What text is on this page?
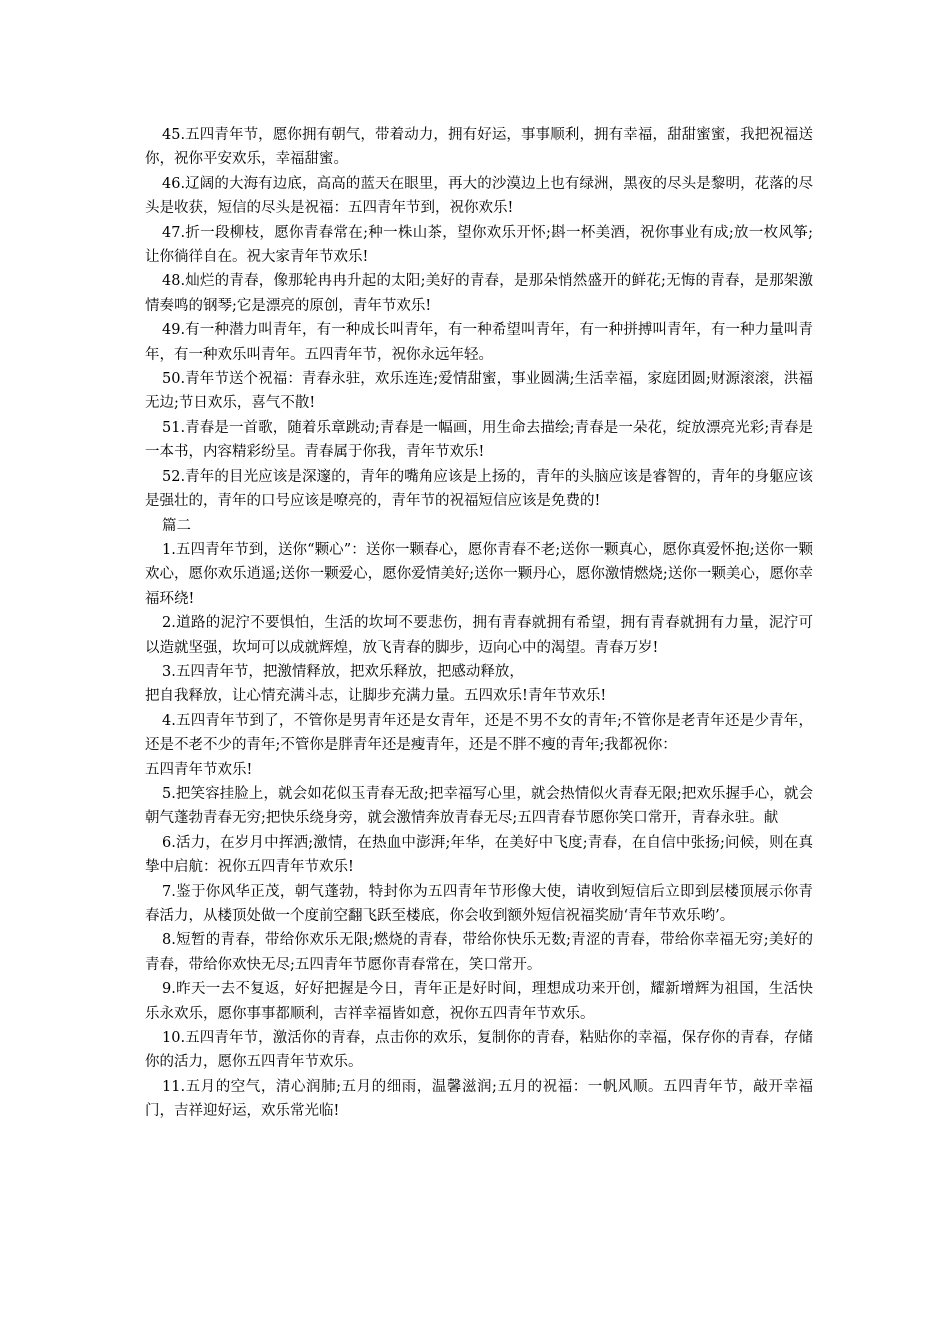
45.五四青年节，愿你拥有朝气，带着动力，拥有好运，事事顺利，拥有幸福，甜甜蜜蜜，我把祝福送你，祝你平安欢乐，幸福甜蜜。

46.辽阔的大海有边底，高高的蓝天在眼里，再大的沙漠边上也有绿洲，黑夜的尽头是黎明，花落的尽头是收获，短信的尽头是祝福：五四青年节到，祝你欢乐!

47.折一段柳枝，愿你青春常在;种一株山茶，望你欢乐开怀;斟一杯美酒，祝你事业有成;放一枚风筝;让你徜徉自在。祝大家青年节欢乐!

48.灿烂的青春，像那轮冉冉升起的太阳;美好的青春，是那朵悄然盛开的鲜花;无悔的青春，是那架激情奏鸣的钢琴;它是漂亮的原创，青年节欢乐!

49.有一种潜力叫青年，有一种成长叫青年，有一种希望叫青年，有一种拼搏叫青年，有一种力量叫青年，有一种欢乐叫青年。五四青年节，祝你永远年轻。

50.青年节送个祝福：青春永驻，欢乐连连;爱情甜蜜，事业圆满;生活幸福，家庭团圆;财源滚滚，洪福无边;节日欢乐，喜气不散!

51.青春是一首歌，随着乐章跳动;青春是一幅画，用生命去描绘;青春是一朵花，绽放漂亮光彩;青春是一本书，内容精彩纷呈。青春属于你我，青年节欢乐!

52.青年的目光应该是深邃的，青年的嘴角应该是上扬的，青年的头脑应该是睿智的，青年的身躯应该是强壮的，青年的口号应该是嘹亮的，青年节的祝福短信应该是免费的!

篇二

1.五四青年节到，送你“颗心”：送你一颗春心，愿你青春不老;送你一颗真心，愿你真爱怀抱;送你一颗欢心，愿你欢乐逍遥;送你一颗爱心，愿你爱情美好;送你一颗丹心，愿你激情燃烧;送你一颗美心，愿你幸福环绕!

2.道路的泥泞不要惧怕，生活的坎坷不要悲伤，拥有青春就拥有希望，拥有青春就拥有力量，泥泞可以造就坚强，坎坷可以成就辉煌，放飞青春的脚步，迈向心中的渴望。青春万岁!

3.五四青年节，把激情释放，把欢乐释放，把感动释放，

把自我释放，让心情充满斗志，让脚步充满力量。五四欢乐!青年节欢乐!

4.五四青年节到了，不管你是男青年还是女青年，还是不男不女的青年;不管你是老青年还是少青年，还是不老不少的青年;不管你是胖青年还是瘦青年，还是不胖不瘦的青年;我都祝你：

五四青年节欢乐!

5.把笑容挂脸上，就会如花似玉青春无敌;把幸福写心里，就会热情似火青春无限;把欢乐握手心，就会朝气蓬勃青春无穷;把快乐绕身旁，就会激情奔放青春无尽;五四青春节愿你笑口常开，青春永驻。献

6.活力，在岁月中挥洒;激情，在热血中澎湃;年华，在美好中飞度;青春，在自信中张扬;问候，则在真挚中启航：祝你五四青年节欢乐!

7.鉴于你风华正茂，朝气蓬勃，特封你为五四青年节形像大使，请收到短信后立即到层楼顶展示你青春活力，从楼顶处做一个度前空翻飞跃至楼底，你会收到额外短信祝福奖励‘青年节欢乐哟’。

8.短暂的青春，带给你欢乐无限;燃烧的青春，带给你快乐无数;青涩的青春，带给你幸福无穷;美好的青春，带给你欢快无尽;五四青年节愿你青春常在，笑口常开。

9.昨天一去不复返，好好把握是今日，青年正是好时间，理想成功来开创，耀新增辉为祖国，生活快乐永欢乐，愿你事事都顺利，吉祥幸福皆如意，祝你五四青年节欢乐。

10.五四青年节，激活你的青春，点击你的欢乐，复制你的青春，粘贴你的幸福，保存你的青春，存储你的活力，愿你五四青年节欢乐。

11.五月的空气，清心润肺;五月的细雨，温馨滋润;五月的祝福：一帆风顺。五四青年节，敲开幸福门，吉祥迎好运，欢乐常光临!
